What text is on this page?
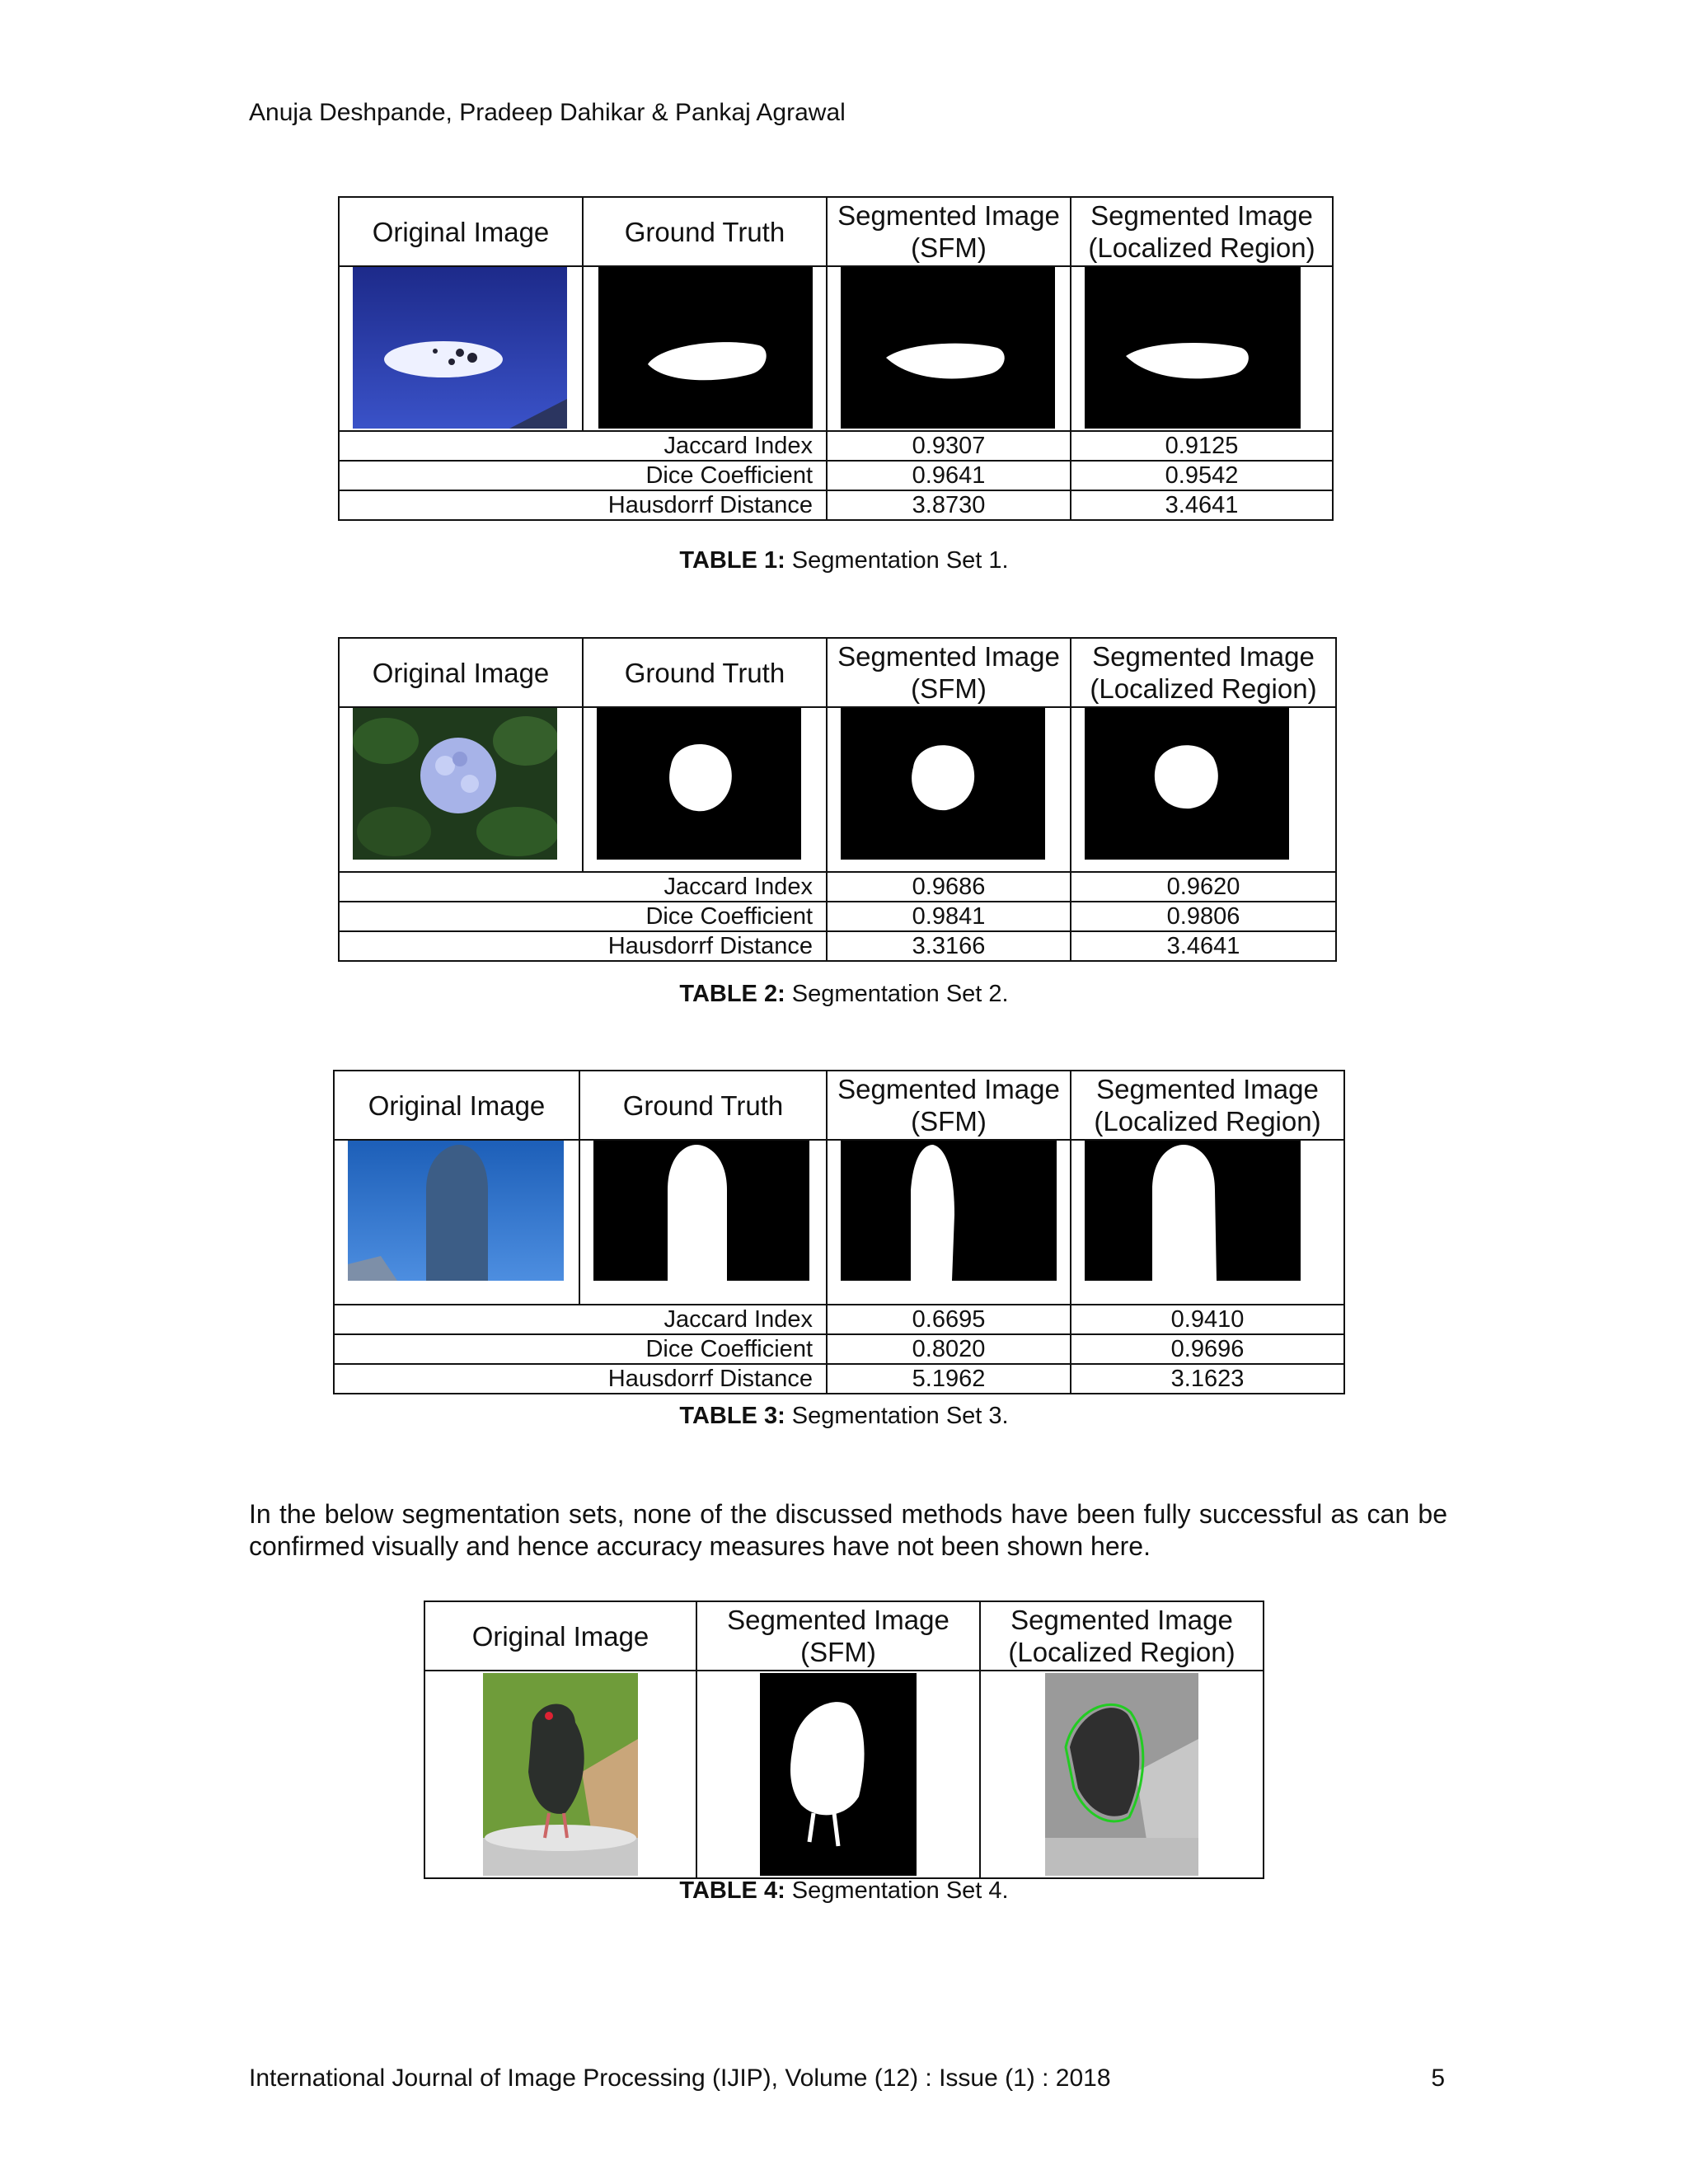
Anuja Deshpande, Pradeep Dahikar & Pankaj Agrawal
Original Image	Ground Truth	Segmented Image (SFM)	Segmented Image (Localized Region)

Jaccard Index		0.9307	0.9125
Dice Coefficient		0.9641	0.9542
Hausdorrf Distance		3.8730	3.4641
TABLE 1: Segmentation Set 1.
Original Image	Ground Truth	Segmented Image (SFM)	Segmented Image (Localized Region)

Jaccard Index		0.9686	0.9620
Dice Coefficient		0.9841	0.9806
Hausdorrf Distance		3.3166	3.4641
TABLE 2: Segmentation Set 2.
Original Image	Ground Truth	Segmented Image (SFM)	Segmented Image (Localized Region)

Jaccard Index		0.6695	0.9410
Dice Coefficient		0.8020	0.9696
Hausdorrf Distance		5.1962	3.1623
TABLE 3: Segmentation Set 3.
In the below segmentation sets, none of the discussed methods have been fully successful as can be confirmed visually and hence accuracy measures have not been shown here.
Original Image	Segmented Image (SFM)	Segmented Image (Localized Region)

TABLE 4: Segmentation Set 4.
International Journal of Image Processing (IJIP), Volume (12) : Issue (1) : 2018	5
